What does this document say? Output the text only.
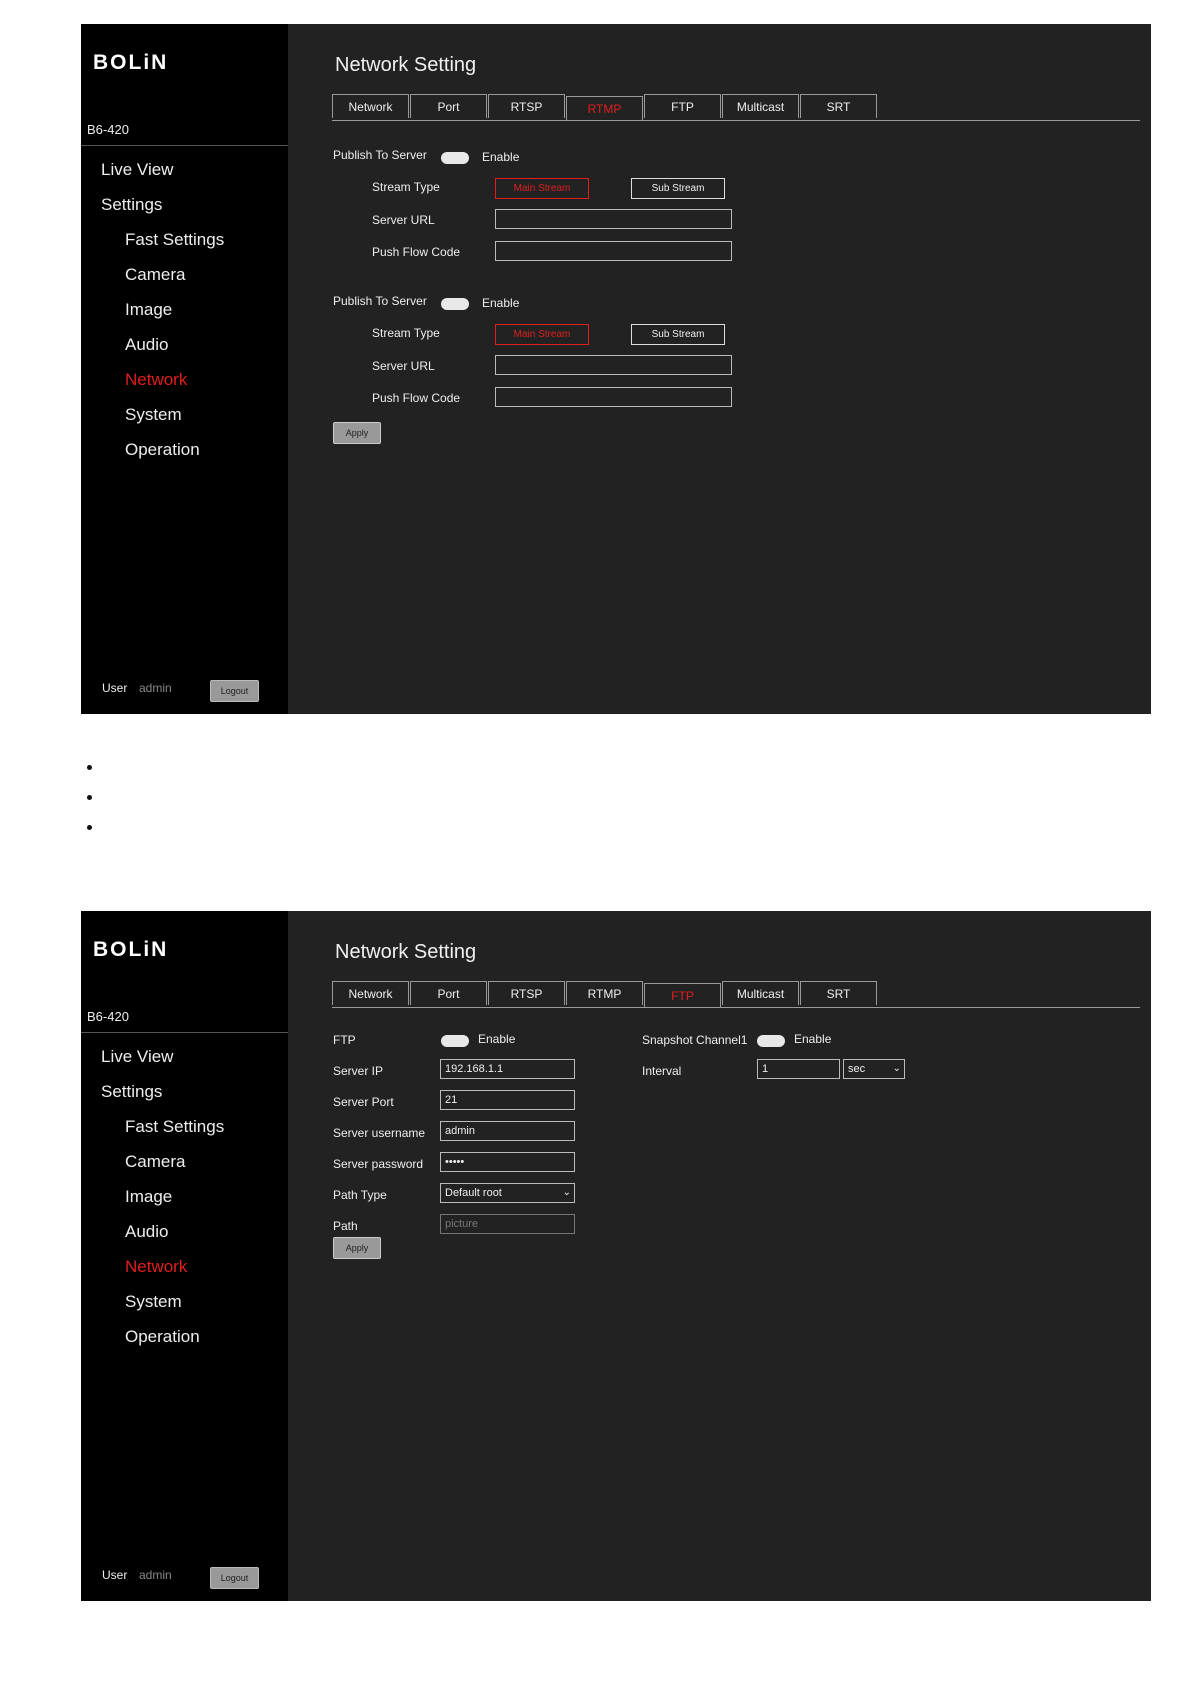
BOLiN
B6-420
Live View
Settings
Fast Settings
Camera
Image
Audio
Network
System
Operation
User admin	Logout
Network Setting
Network	Port	RTSP	RTMP	FTP	Multicast	SRT
Publish To Server	Enable
Stream Type	Main Stream	Sub Stream
Server URL
Push Flow Code
Publish To Server	Enable
Stream Type	Main Stream	Sub Stream
Server URL
Push Flow Code
Apply
BOLiN
B6-420
Live View
Settings
Fast Settings
Camera
Image
Audio
Network
System
Operation
User admin	Logout
Network Setting
Network	Port	RTSP	RTMP	FTP	Multicast	SRT
FTP	Enable
Server IP	192.168.1.1
Server Port	21
Server username	admin
Server password	•••••
Path Type	Default root	⌄
Path	picture
Apply
Snapshot Channel1	Enable
Interval	1	sec	⌄
